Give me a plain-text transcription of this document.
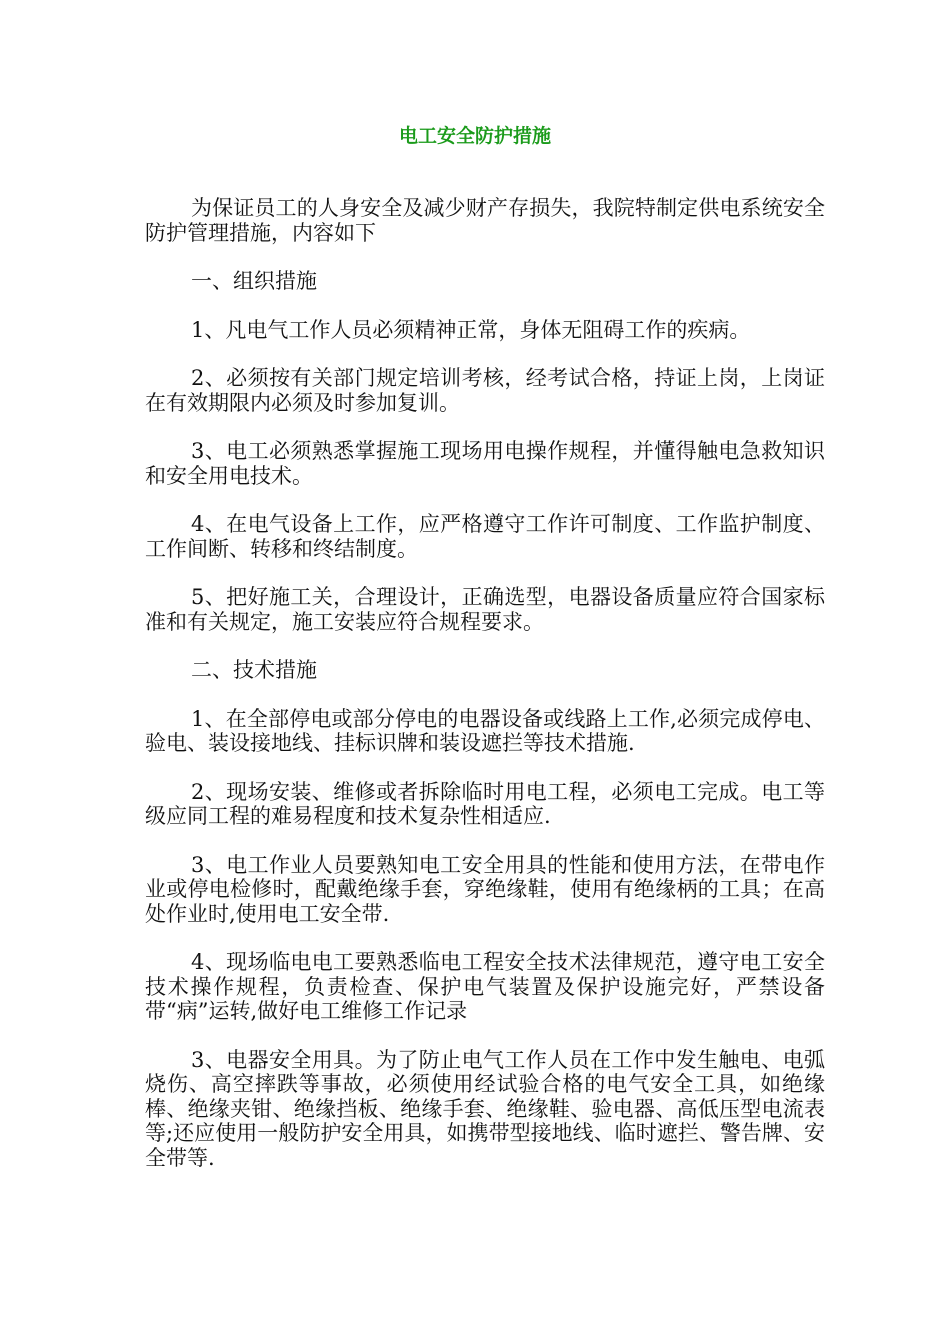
电工安全防护措施

为保证员工的人身安全及减少财产存损失，我院特制定供电系统安全防护管理措施，内容如下

一、组织措施

1、凡电气工作人员必须精神正常，身体无阻碍工作的疾病。

2、必须按有关部门规定培训考核，经考试合格，持证上岗，上岗证在有效期限内必须及时参加复训。

3、电工必须熟悉掌握施工现场用电操作规程，并懂得触电急救知识和安全用电技术。

4、在电气设备上工作，应严格遵守工作许可制度、工作监护制度、工作间断、转移和终结制度。

5、把好施工关，合理设计，正确选型，电器设备质量应符合国家标准和有关规定，施工安装应符合规程要求。

二、技术措施

1、在全部停电或部分停电的电器设备或线路上工作,必须完成停电、验电、装设接地线、挂标识牌和装设遮拦等技术措施.

2、现场安装、维修或者拆除临时用电工程，必须电工完成。电工等级应同工程的难易程度和技术复杂性相适应.

3、电工作业人员要熟知电工安全用具的性能和使用方法，在带电作业或停电检修时，配戴绝缘手套，穿绝缘鞋，使用有绝缘柄的工具；在高处作业时,使用电工安全带.

4、现场临电电工要熟悉临电工程安全技术法律规范，遵守电工安全技术操作规程，负责检查、保护电气装置及保护设施完好，严禁设备带“病”运转,做好电工维修工作记录

3、电器安全用具。为了防止电气工作人员在工作中发生触电、电弧烧伤、高空摔跌等事故，必须使用经试验合格的电气安全工具，如绝缘棒、绝缘夹钳、绝缘挡板、绝缘手套、绝缘鞋、验电器、高低压型电流表等;还应使用一般防护安全用具，如携带型接地线、临时遮拦、警告牌、安全带等.
